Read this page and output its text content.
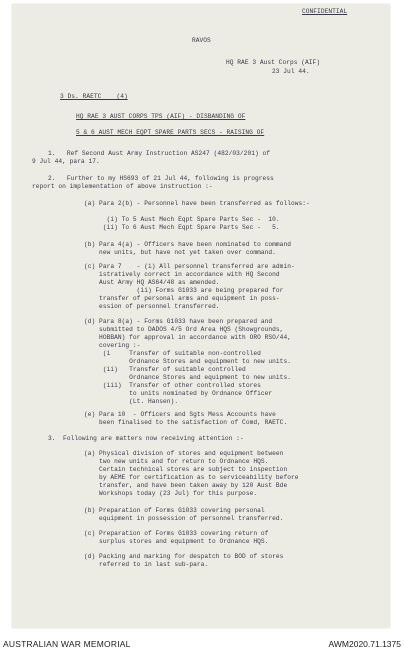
CONFIDENTIAL
RAVOS
HQ RAE 3 Aust Corps (AIF)
23 Jul 44.
3 Ds. RAETC    (4)
HQ RAE 3 AUST CORPS TPS (AIF) - DISBANDING OF
5 & 6 AUST MECH EQPT SPARE PARTS SECS - RAISING OF
1.   Ref Second Aust Army Instruction AS247 (482/03/201) of
9 Jul 44, para 17.
2.   Further to my HS693 of 21 Jul 44, following is progress
report on implementation of above instruction :-
(a) Para 2(b) - Personnel have been transferred as follows:-
(i) To 5 Aust Mech Eqpt Spare Parts Sec -  10.
(ii) To 6 Aust Mech Eqpt Spare Parts Sec -   5.
(b) Para 4(a) - Officers have been nominated to command
new units, but have not yet taken over command.
(c) Para 7    - (i) All personnel transferred are admin-
istratively correct in accordance with HQ Second
Aust Army HQ AS64/48 as amended.
(ii) Forms G1033 are being prepared for
transfer of personal arms and equipment in poss-
ession of personnel transferred.
(d) Para 8(a) - Forms G1033 have been prepared and
submitted to DADOS 4/5 Ord Area HQS (Showgrounds,
HOBBAN) for approval in accordance with ORO RSO/44,
covering :-
(i     Transfer of suitable non-controlled
Ordnance Stores and equipment to new units.
(ii)   Transfer of suitable controlled
Ordnance Stores and equipment to new units.
(iii)  Transfer of other controlled stores
to units nominated by Ordnance Officer
(Lt. Hansen).
(e) Para 10  - Officers and Sgts Mess Accounts have
been finalised to the satisfaction of Comd, RAETC.
3.  Following are matters now receiving attention :-
(a) Physical division of stores and equipment between
two new units and for return to Ordnance HQS.
Certain technical stores are subject to inspection
by AEME for certification as to serviceability before
transfer, and have been taken away by 120 Aust Bde
Workshops today (23 Jul) for this purpose.
(b) Preparation of Forms G1033 covering personal
equipment in possession of personnel transferred.
(c) Preparation of Forms G1033 covering return of
surplus stores and equipment to Ordnance HQS.
(d) Packing and marking for despatch to BOD of stores
referred to in last sub-para.
AUSTRALIAN WAR MEMORIAL	AWM2020.71.1375
